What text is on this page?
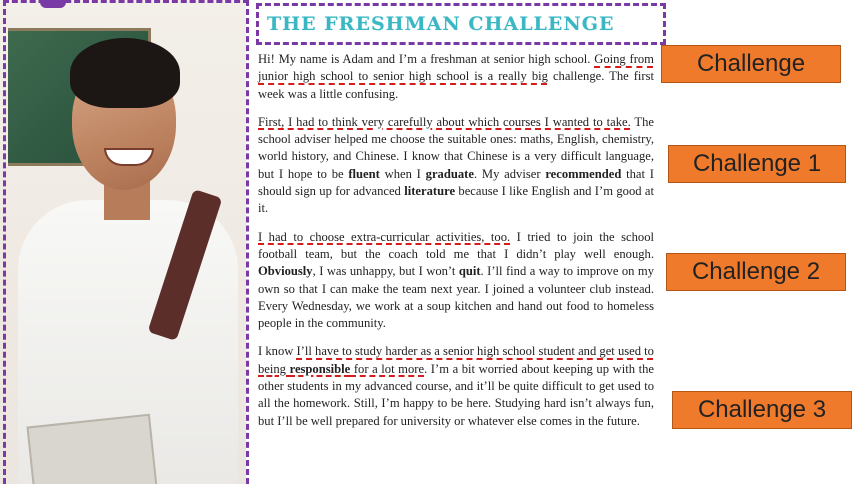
THE FRESHMAN CHALLENGE

Hi! My name is Adam and I’m a freshman at senior high school. Going from junior high school to senior high school is a really big challenge. The first week was a little confusing.

First, I had to think very carefully about which courses I wanted to take. The school adviser helped me choose the suitable ones: maths, English, chemistry, world history, and Chinese. I know that Chinese is a very difficult language, but I hope to be fluent when I graduate. My adviser recommended that I should sign up for advanced literature because I like English and I’m good at it.

I had to choose extra-curricular activities, too. I tried to join the school football team, but the coach told me that I didn’t play well enough. Obviously, I was unhappy, but I won’t quit. I’ll find a way to improve on my own so that I can make the team next year. I joined a volunteer club instead. Every Wednesday, we work at a soup kitchen and hand out food to homeless people in the community.

I know I’ll have to study harder as a senior high school student and get used to being responsible for a lot more. I’m a bit worried about keeping up with the other students in my advanced course, and it’ll be quite difficult to get used to all the homework. Still, I’m happy to be here. Studying hard isn’t always fun, but I’ll be well prepared for university or whatever else comes in the future.

Challenge
Challenge 1
Challenge 2
Challenge 3
